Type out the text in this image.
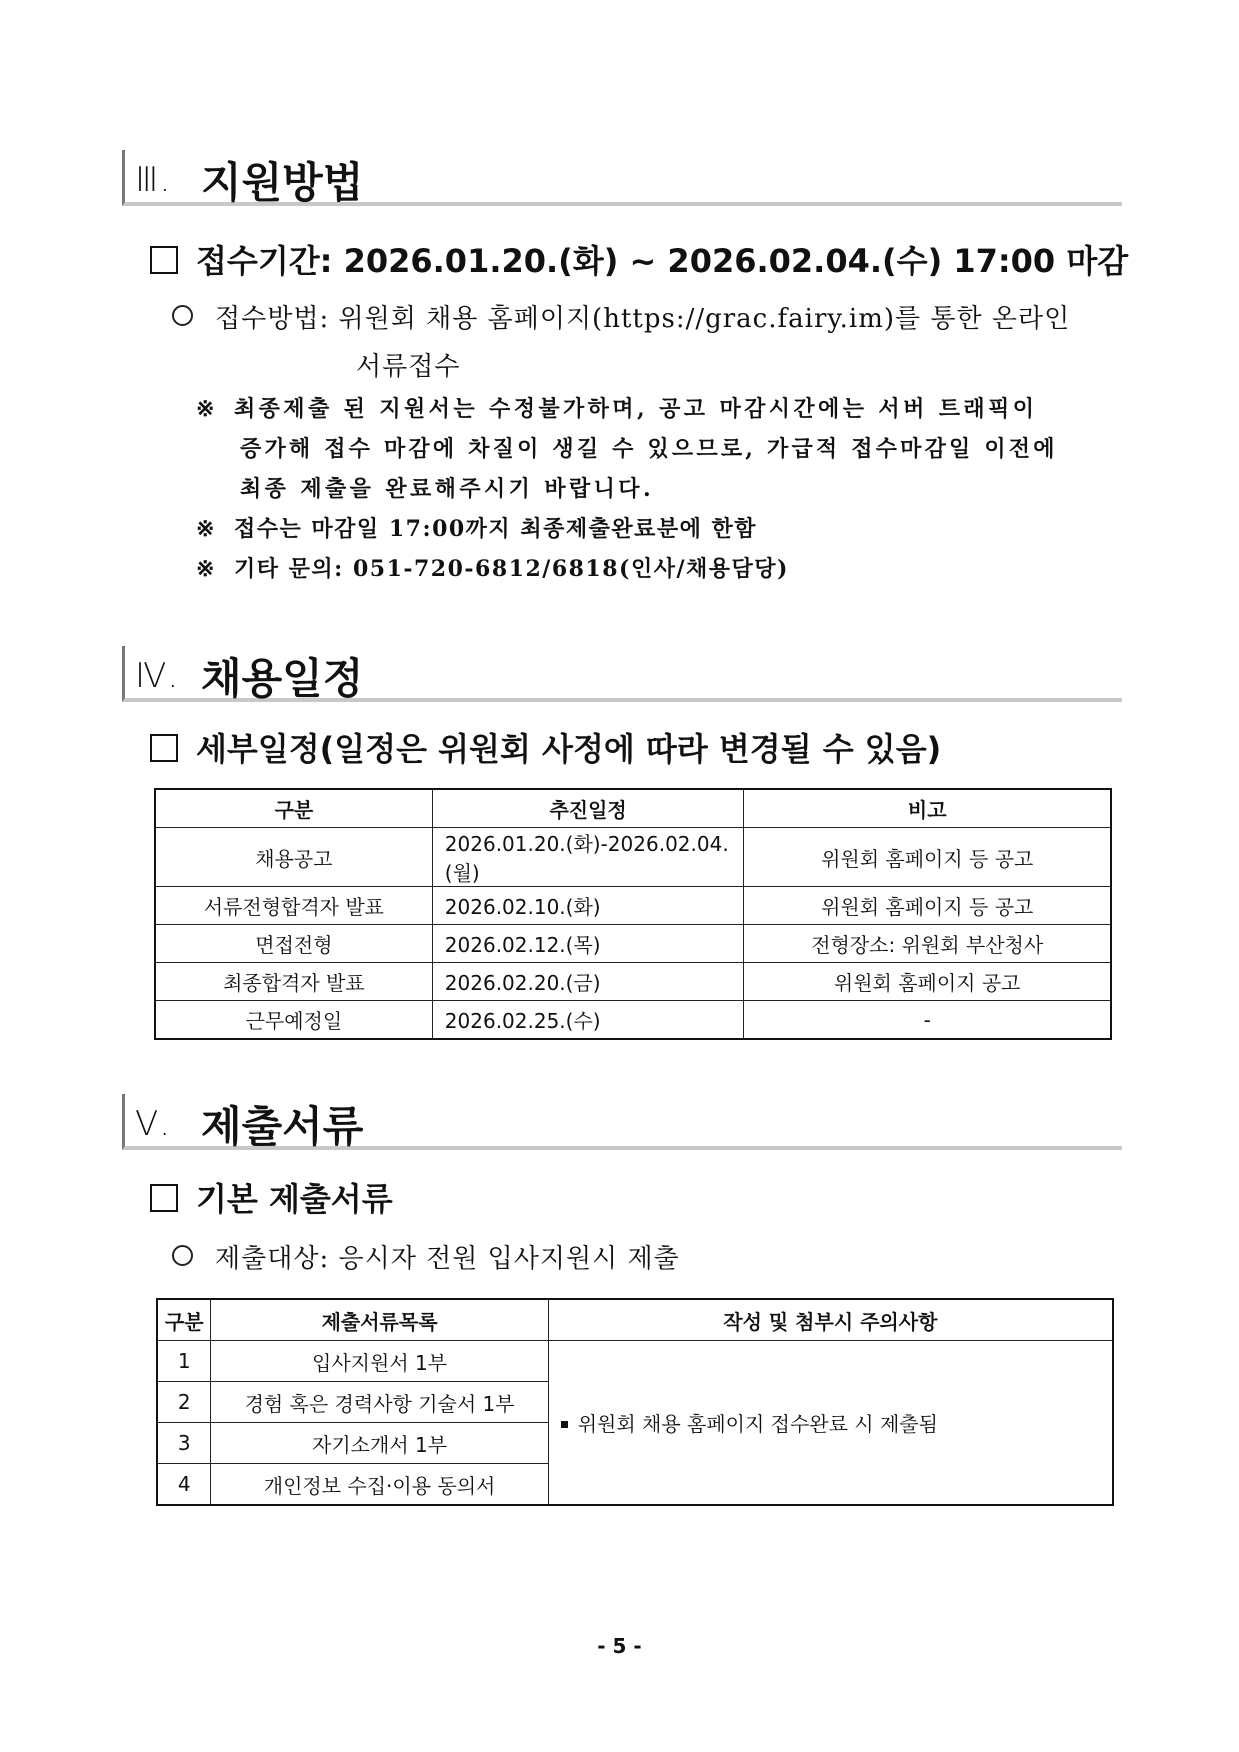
Ⅲ. 지원방법
접수기간: 2026.01.20.(화) ~ 2026.02.04.(수) 17:00 마감
접수방법: 위원회 채용 홈페이지(https://grac.fairy.im)를 통한 온라인
서류접수
※ 최종제출 된 지원서는 수정불가하며, 공고 마감시간에는 서버 트래픽이
증가해 접수 마감에 차질이 생길 수 있으므로, 가급적 접수마감일 이전에
최종 제출을 완료해주시기 바랍니다.
※ 접수는 마감일 17:00까지 최종제출완료분에 한함
※ 기타 문의: 051-720-6812/6818(인사/채용담당)
Ⅳ. 채용일정
세부일정(일정은 위원회 사정에 따라 변경될 수 있음)
구분	추진일정	비고
채용공고	2026.01.20.(화)-2026.02.04.(월)	위원회 홈페이지 등 공고
서류전형합격자 발표	2026.02.10.(화)	위원회 홈페이지 등 공고
면접전형	2026.02.12.(목)	전형장소: 위원회 부산청사
최종합격자 발표	2026.02.20.(금)	위원회 홈페이지 공고
근무예정일	2026.02.25.(수)	-
Ⅴ. 제출서류
기본 제출서류
제출대상: 응시자 전원 입사지원시 제출
구분	제출서류목록	작성 및 첨부시 주의사항
1	입사지원서 1부	위원회 채용 홈페이지 접수완료 시 제출됨
2	경험 혹은 경력사항 기술서 1부	
3	자기소개서 1부	
4	개인정보 수집·이용 동의서	
- 5 -
